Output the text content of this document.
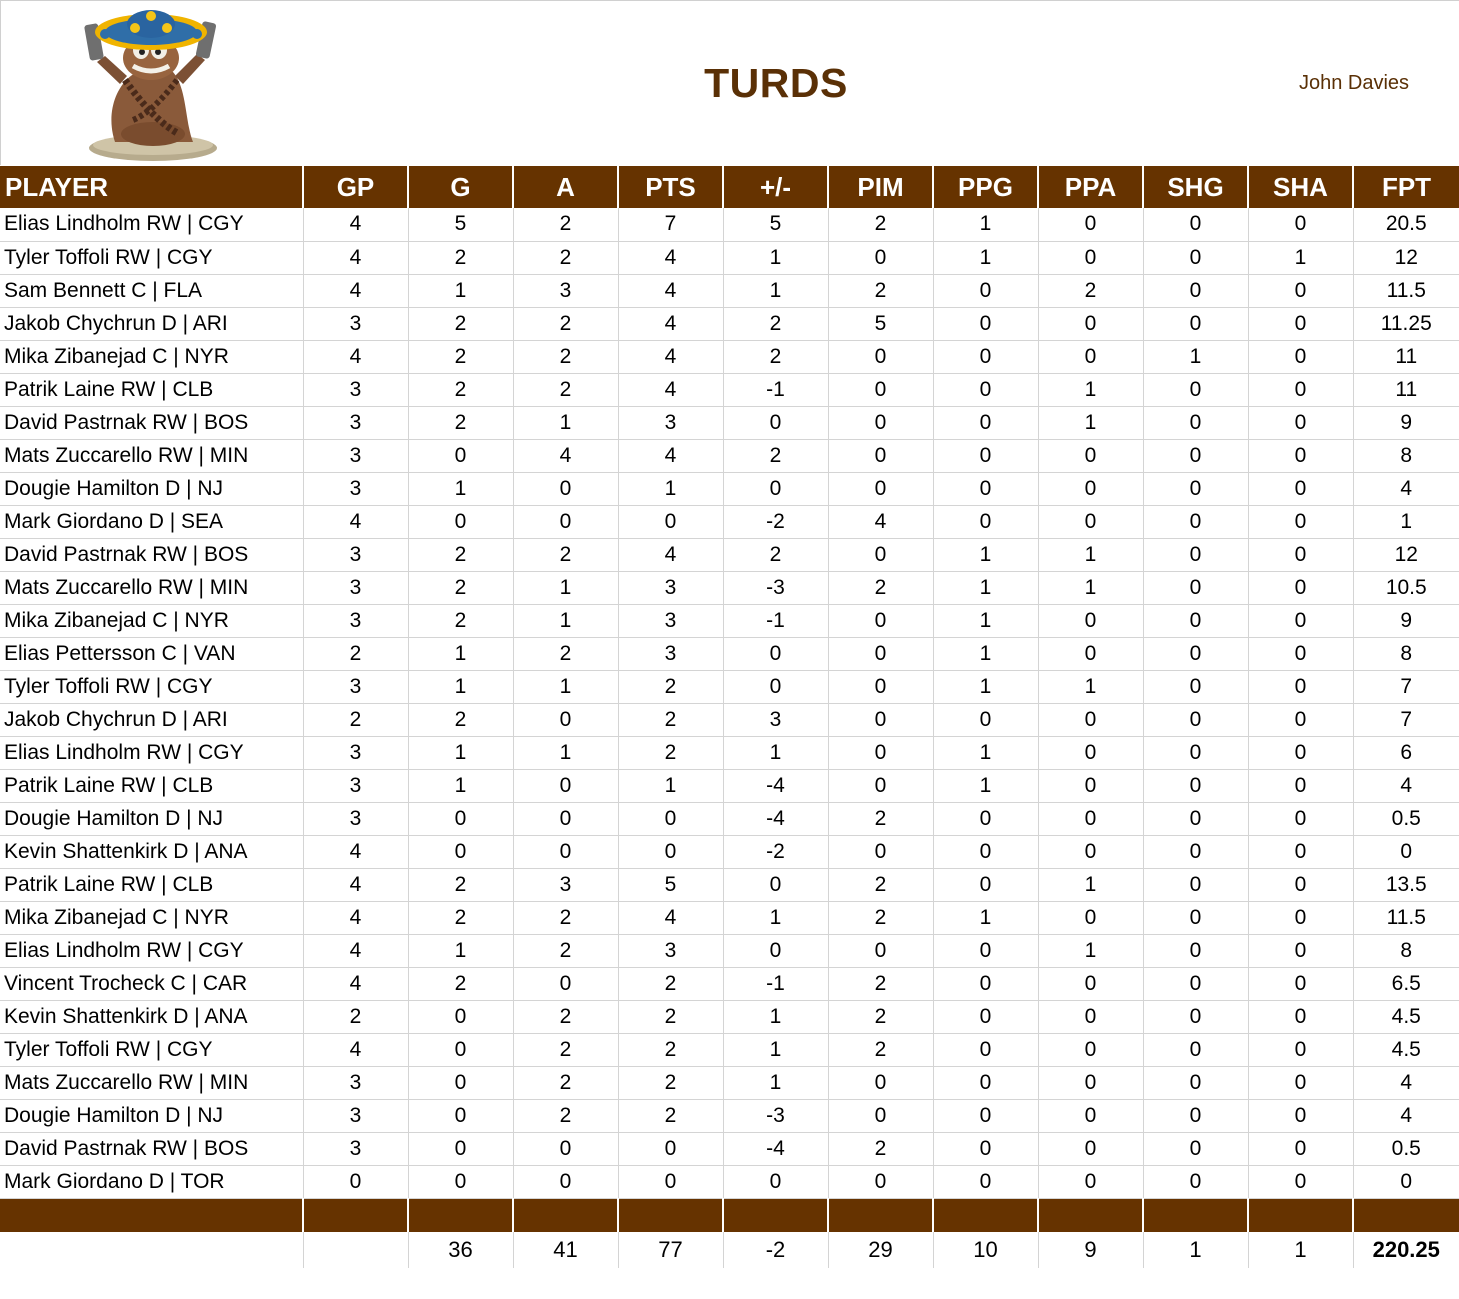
TURDS	John Davies
PLAYER	GP	G	A	PTS	+/-	PIM	PPG	PPA	SHG	SHA	FPT
Elias Lindholm RW | CGY	4	5	2	7	5	2	1	0	0	0	20.5
Tyler Toffoli RW | CGY	4	2	2	4	1	0	1	0	0	1	12
Sam Bennett C | FLA	4	1	3	4	1	2	0	2	0	0	11.5
Jakob Chychrun D | ARI	3	2	2	4	2	5	0	0	0	0	11.25
Mika Zibanejad C | NYR	4	2	2	4	2	0	0	0	1	0	11
Patrik Laine RW | CLB	3	2	2	4	-1	0	0	1	0	0	11
David Pastrnak RW | BOS	3	2	1	3	0	0	0	1	0	0	9
Mats Zuccarello RW | MIN	3	0	4	4	2	0	0	0	0	0	8
Dougie Hamilton D | NJ	3	1	0	1	0	0	0	0	0	0	4
Mark Giordano D | SEA	4	0	0	0	-2	4	0	0	0	0	1
David Pastrnak RW | BOS	3	2	2	4	2	0	1	1	0	0	12
Mats Zuccarello RW | MIN	3	2	1	3	-3	2	1	1	0	0	10.5
Mika Zibanejad C | NYR	3	2	1	3	-1	0	1	0	0	0	9
Elias Pettersson C | VAN	2	1	2	3	0	0	1	0	0	0	8
Tyler Toffoli RW | CGY	3	1	1	2	0	0	1	1	0	0	7
Jakob Chychrun D | ARI	2	2	0	2	3	0	0	0	0	0	7
Elias Lindholm RW | CGY	3	1	1	2	1	0	1	0	0	0	6
Patrik Laine RW | CLB	3	1	0	1	-4	0	1	0	0	0	4
Dougie Hamilton D | NJ	3	0	0	0	-4	2	0	0	0	0	0.5
Kevin Shattenkirk D | ANA	4	0	0	0	-2	0	0	0	0	0	0
Patrik Laine RW | CLB	4	2	3	5	0	2	0	1	0	0	13.5
Mika Zibanejad C | NYR	4	2	2	4	1	2	1	0	0	0	11.5
Elias Lindholm RW | CGY	4	1	2	3	0	0	0	1	0	0	8
Vincent Trocheck C | CAR	4	2	0	2	-1	2	0	0	0	0	6.5
Kevin Shattenkirk D | ANA	2	0	2	2	1	2	0	0	0	0	4.5
Tyler Toffoli RW | CGY	4	0	2	2	1	2	0	0	0	0	4.5
Mats Zuccarello RW | MIN	3	0	2	2	1	0	0	0	0	0	4
Dougie Hamilton D | NJ	3	0	2	2	-3	0	0	0	0	0	4
David Pastrnak RW | BOS	3	0	0	0	-4	2	0	0	0	0	0.5
Mark Giordano D | TOR	0	0	0	0	0	0	0	0	0	0	0

		36	41	77	-2	29	10	9	1	1	220.25
